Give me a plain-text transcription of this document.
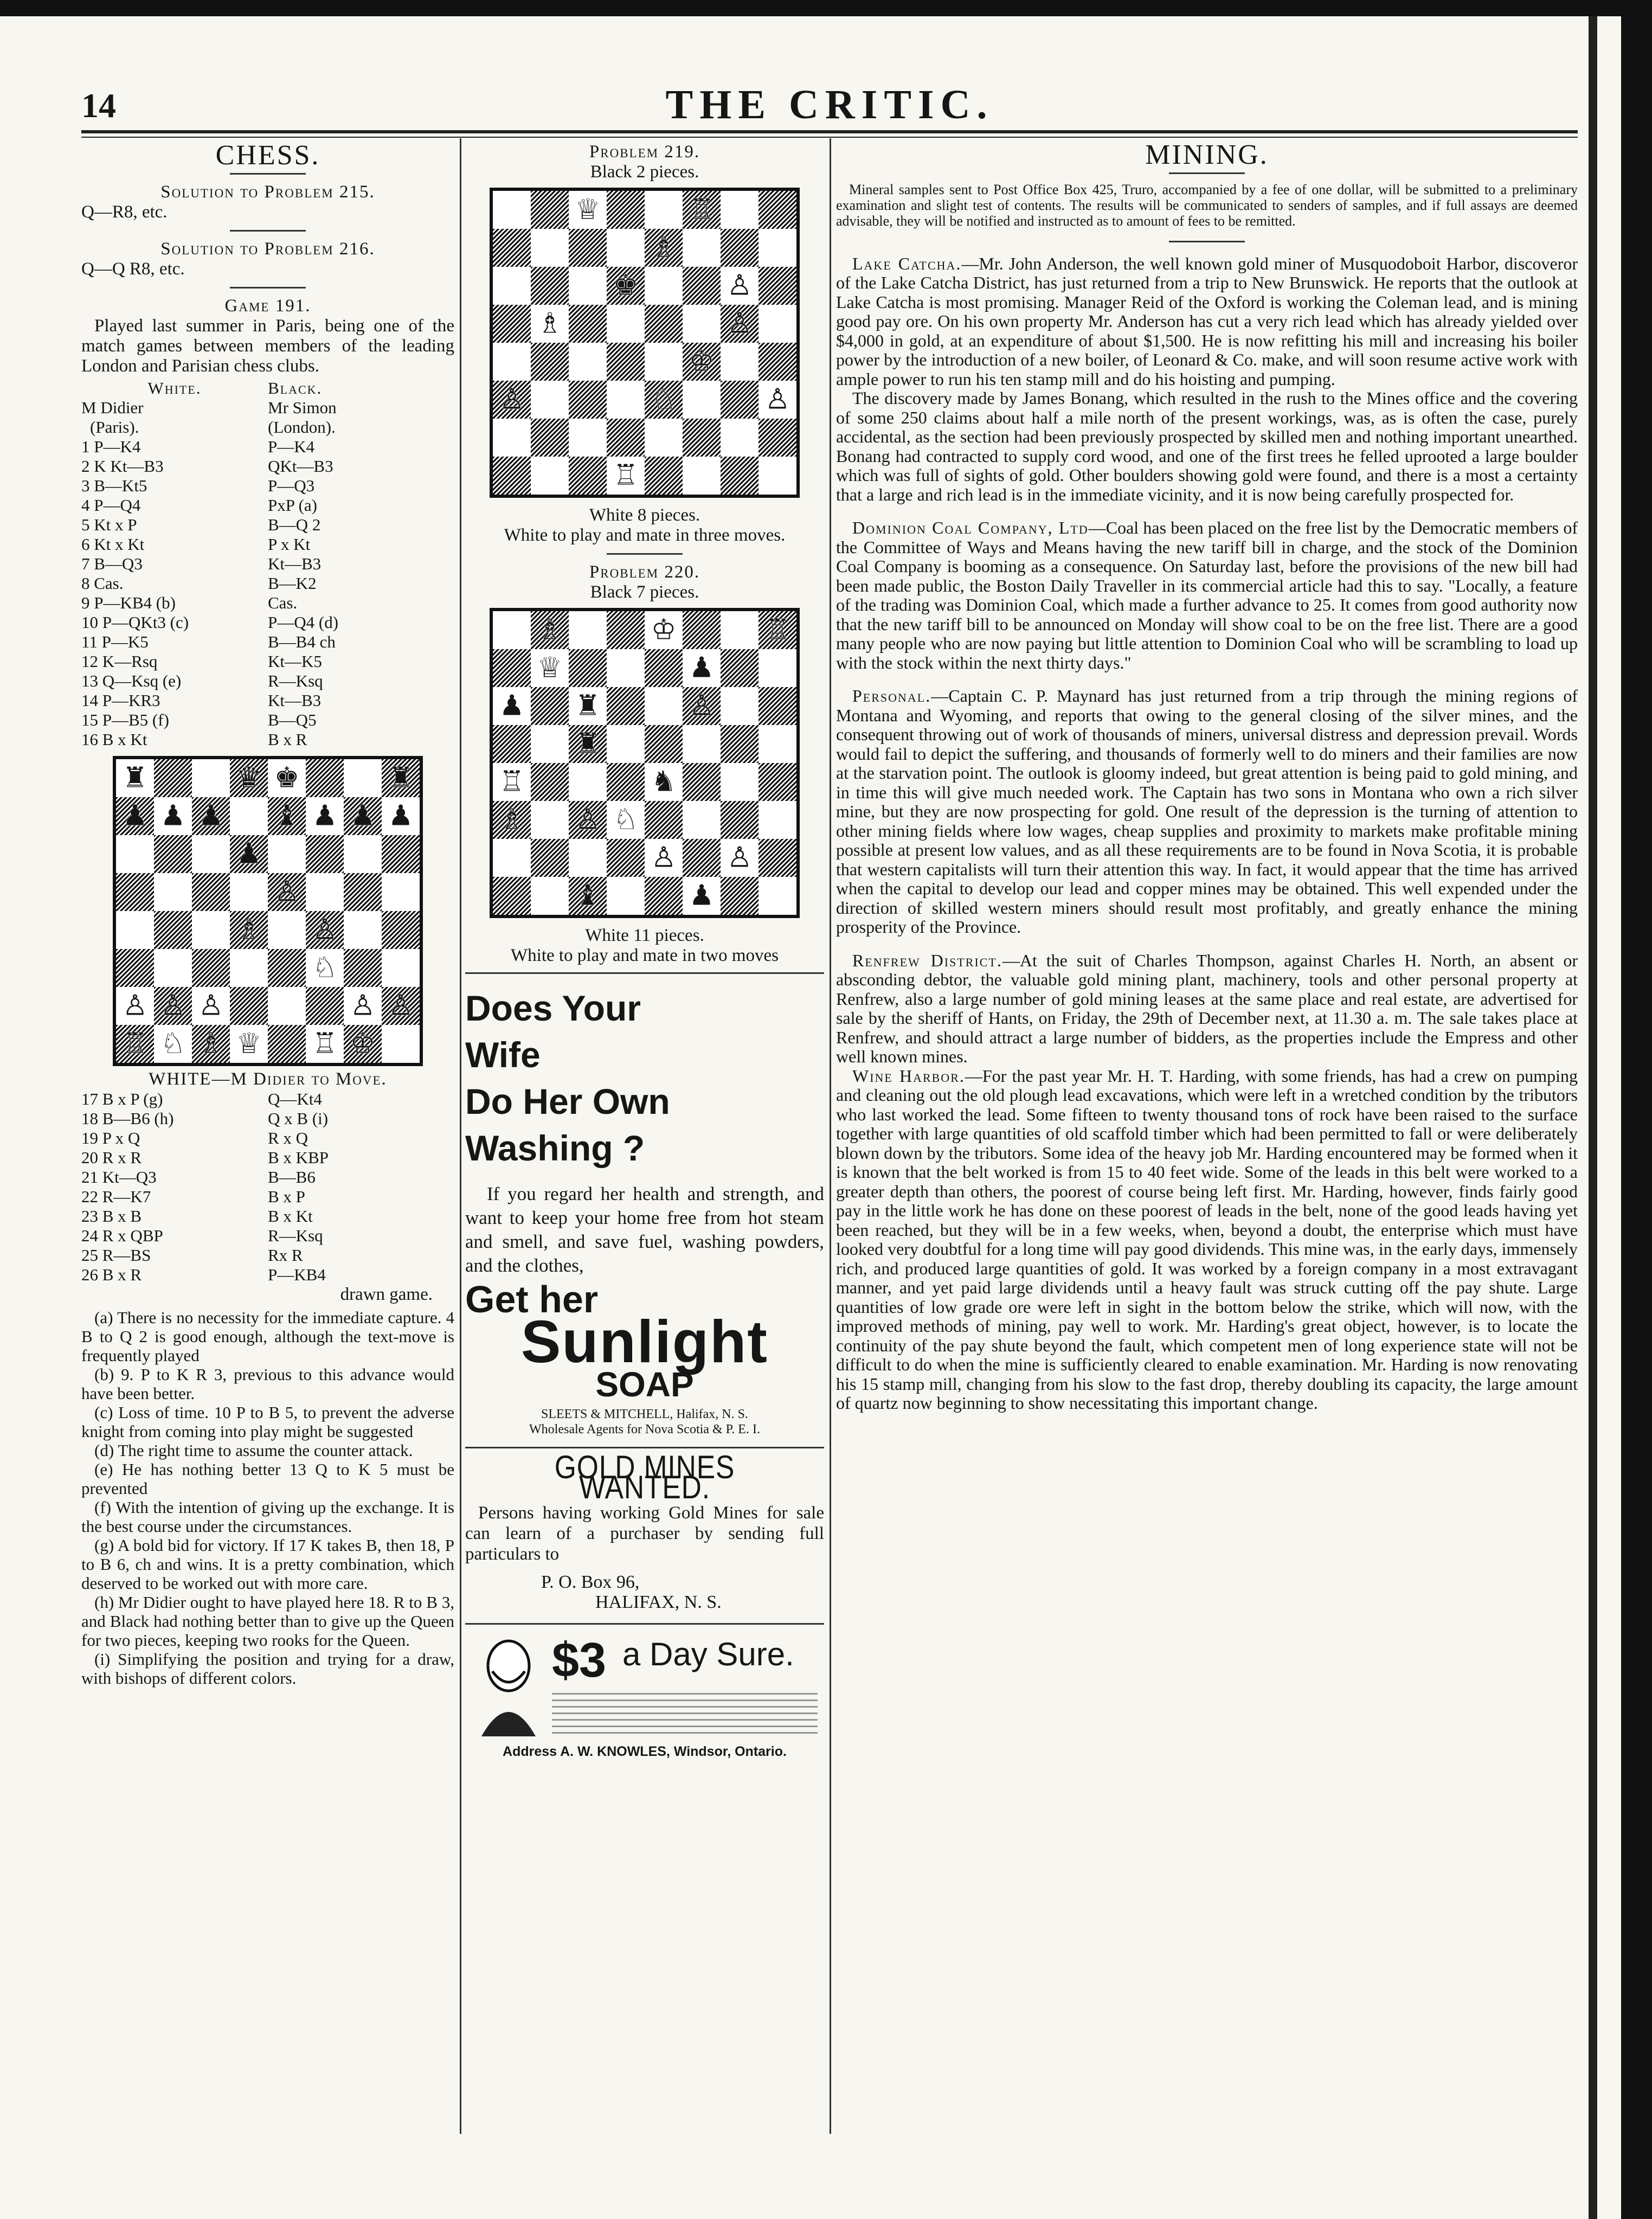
14	THE CRITIC.
CHESS.
Solution to Problem 215.
Q—R8, etc.
Solution to Problem 216.
Q—Q R8, etc.
Game 191.

Played last summer in Paris, being one of the match games between members of the leading London and Parisian chess clubs.

White.	Black.
M Didier	Mr Simon
(Paris).	(London).
1 P—K4	P—K4
2 K Kt—B3	QKt—B3
3 B—Kt5	P—Q3
4 P—Q4	PxP (a)
5 Kt x P	B—Q 2
6 Kt x Kt	P x Kt
7 B—Q3	Kt—B3
8 Cas.	B—K2
9 P—KB4 (b)	Cas.
10 P—QKt3 (c)	P—Q4 (d)
11 P—K5	B—B4 ch
12 K—Rsq	Kt—K5
13 Q—Ksq (e)	R—Ksq
14 P—KR3	Kt—B3
15 P—B5 (f)	B—Q5
16 B x Kt	B x R
♜	♛ ♚	♜
♟ ♟ ♟ ♝ ♟ ♟ ♟
♟
♙
♗ ♙
♘
♙ ♙ ♙	♙ ♙
♖ ♘ ♗ ♕ ♖ ♔
WHITE—M Didier to Move.
17 B x P (g)	Q—Kt4
18 B—B6 (h)	Q x B (i)
19 P x Q	R x Q
20 R x R	B x KBP
21 Kt—Q3	B—B6
22 R—K7	B x P
23 B x B	B x Kt
24 R x QBP	R—Ksq
25 R—BS	Rx R
26 B x R	P—KB4
drawn game.

(a) There is no necessity for the immediate capture. 4 B to Q 2 is good enough, although the text-move is frequently played

(b) 9. P to K R 3, previous to this advance would have been better.

(c) Loss of time. 10 P to B 5, to prevent the adverse knight from coming into play might be suggested

(d) The right time to assume the counter attack.

(e) He has nothing better 13 Q to K 5 must be prevented

(f) With the intention of giving up the exchange. It is the best course under the circumstances.

(g) A bold bid for victory. If 17 K takes B, then 18, P to B 6, ch and wins. It is a pretty combination, which deserved to be worked out with more care.

(h) Mr Didier ought to have played here 18. R to B 3, and Black had nothing better than to give up the Queen for two pieces, keeping two rooks for the Queen.

(i) Simplifying the position and trying for a draw, with bishops of different colors.

Problem 219.
Black 2 pieces.
♕	♖
♗
♚	♙
♗	♙
♔
♙	♘	♙
♖
White 8 pieces.
White to play and mate in three moves.
Problem 220.
Black 7 pieces.
♗	♔	♖
♕	♟
♟ ♜	♙
♜
♖	♞
♗ ♙ ♘
♙ ♙
♝	♟
White 11 pieces.
White to play and mate in two moves
Does Your
Wife
Do Her Own
Washing ?

If you regard her health and strength, and want to keep your home free from hot steam and smell, and save fuel, washing powders, and the clothes,

Get her
Sunlight
SOAP
SLEETS & MITCHELL, Halifax, N. S.
Wholesale Agents for Nova Scotia & P. E. I.
GOLD MINES WANTED.

Persons having working Gold Mines for sale can learn of a purchaser by sending full particulars to

P. O. Box 96,
HALIFAX, N. S.
$3 a Day Sure.
Address A. W. KNOWLES, Windsor, Ontario.
MINING.

Mineral samples sent to Post Office Box 425, Truro, accompanied by a fee of one dollar, will be submitted to a preliminary examination and slight test of contents. The results will be communicated to senders of samples, and if full assays are deemed advisable, they will be notified and instructed as to amount of fees to be remitted.

Lake Catcha.—Mr. John Anderson, the well known gold miner of Musquodoboit Harbor, discoveror of the Lake Catcha District, has just returned from a trip to New Brunswick. He reports that the outlook at Lake Catcha is most promising. Manager Reid of the Oxford is working the Coleman lead, and is mining good pay ore. On his own property Mr. Anderson has cut a very rich lead which has already yielded over $4,000 in gold, at an expenditure of about $1,500. He is now refitting his mill and increasing his boiler power by the introduction of a new boiler, of Leonard & Co. make, and will soon resume active work with ample power to run his ten stamp mill and do his hoisting and pumping.

The discovery made by James Bonang, which resulted in the rush to the Mines office and the covering of some 250 claims about half a mile north of the present workings, was, as is often the case, purely accidental, as the section had been previously prospected by skilled men and nothing important unearthed. Bonang had contracted to supply cord wood, and one of the first trees he felled uprooted a large boulder which was full of sights of gold. Other boulders showing gold were found, and there is a most a certainty that a large and rich lead is in the immediate vicinity, and it is now being carefully prospected for.

Dominion Coal Company, Ltd—Coal has been placed on the free list by the Democratic members of the Committee of Ways and Means having the new tariff bill in charge, and the stock of the Dominion Coal Company is booming as a consequence. On Saturday last, before the provisions of the new bill had been made public, the Boston Daily Traveller in its commercial article had this to say. "Locally, a feature of the trading was Dominion Coal, which made a further advance to 25. It comes from good authority now that the new tariff bill to be announced on Monday will show coal to be on the free list. There are a good many people who are now paying but little attention to Dominion Coal who will be scrambling to load up with the stock within the next thirty days."

Personal.—Captain C. P. Maynard has just returned from a trip through the mining regions of Montana and Wyoming, and reports that owing to the general closing of the silver mines, and the consequent throwing out of work of thousands of miners, universal distress and depression prevail. Words would fail to depict the suffering, and thousands of formerly well to do miners and their families are now at the starvation point. The outlook is gloomy indeed, but great attention is being paid to gold mining, and in time this will give much needed work. The Captain has two sons in Montana who own a rich silver mine, but they are now prospecting for gold. One result of the depression is the turning of attention to other mining fields where low wages, cheap supplies and proximity to markets make profitable mining possible at present low values, and as all these requirements are to be found in Nova Scotia, it is probable that western capitalists will turn their attention this way. In fact, it would appear that the time has arrived when the capital to develop our lead and copper mines may be obtained. This well expended under the direction of skilled western miners should result most profitably, and greatly enhance the mining prosperity of the Province.

Renfrew District.—At the suit of Charles Thompson, against Charles H. North, an absent or absconding debtor, the valuable gold mining plant, machinery, tools and other personal property at Renfrew, also a large number of gold mining leases at the same place and real estate, are advertised for sale by the sheriff of Hants, on Friday, the 29th of December next, at 11.30 a. m. The sale takes place at Renfrew, and should attract a large number of bidders, as the properties include the Empress and other well known mines.

Wine Harbor.—For the past year Mr. H. T. Harding, with some friends, has had a crew on pumping and cleaning out the old plough lead excavations, which were left in a wretched condition by the tributors who last worked the lead. Some fifteen to twenty thousand tons of rock have been raised to the surface together with large quantities of old scaffold timber which had been permitted to fall or were deliberately blown down by the tributors. Some idea of the heavy job Mr. Harding encountered may be formed when it is known that the belt worked is from 15 to 40 feet wide. Some of the leads in this belt were worked to a greater depth than others, the poorest of course being left first. Mr. Harding, however, finds fairly good pay in the little work he has done on these poorest of leads in the belt, none of the good leads having yet been reached, but they will be in a few weeks, when, beyond a doubt, the enterprise which must have looked very doubtful for a long time will pay good dividends. This mine was, in the early days, immensely rich, and produced large quantities of gold. It was worked by a foreign company in a most extravagant manner, and yet paid large dividends until a heavy fault was struck cutting off the pay shute. Large quantities of low grade ore were left in sight in the bottom below the strike, which will now, with the improved methods of mining, pay well to work. Mr. Harding's great object, however, is to locate the continuity of the pay shute beyond the fault, which competent men of long experience state will not be difficult to do when the mine is sufficiently cleared to enable examination. Mr. Harding is now renovating his 15 stamp mill, changing from his slow to the fast drop, thereby doubling its capacity, the large amount of quartz now beginning to show necessitating this important change.
